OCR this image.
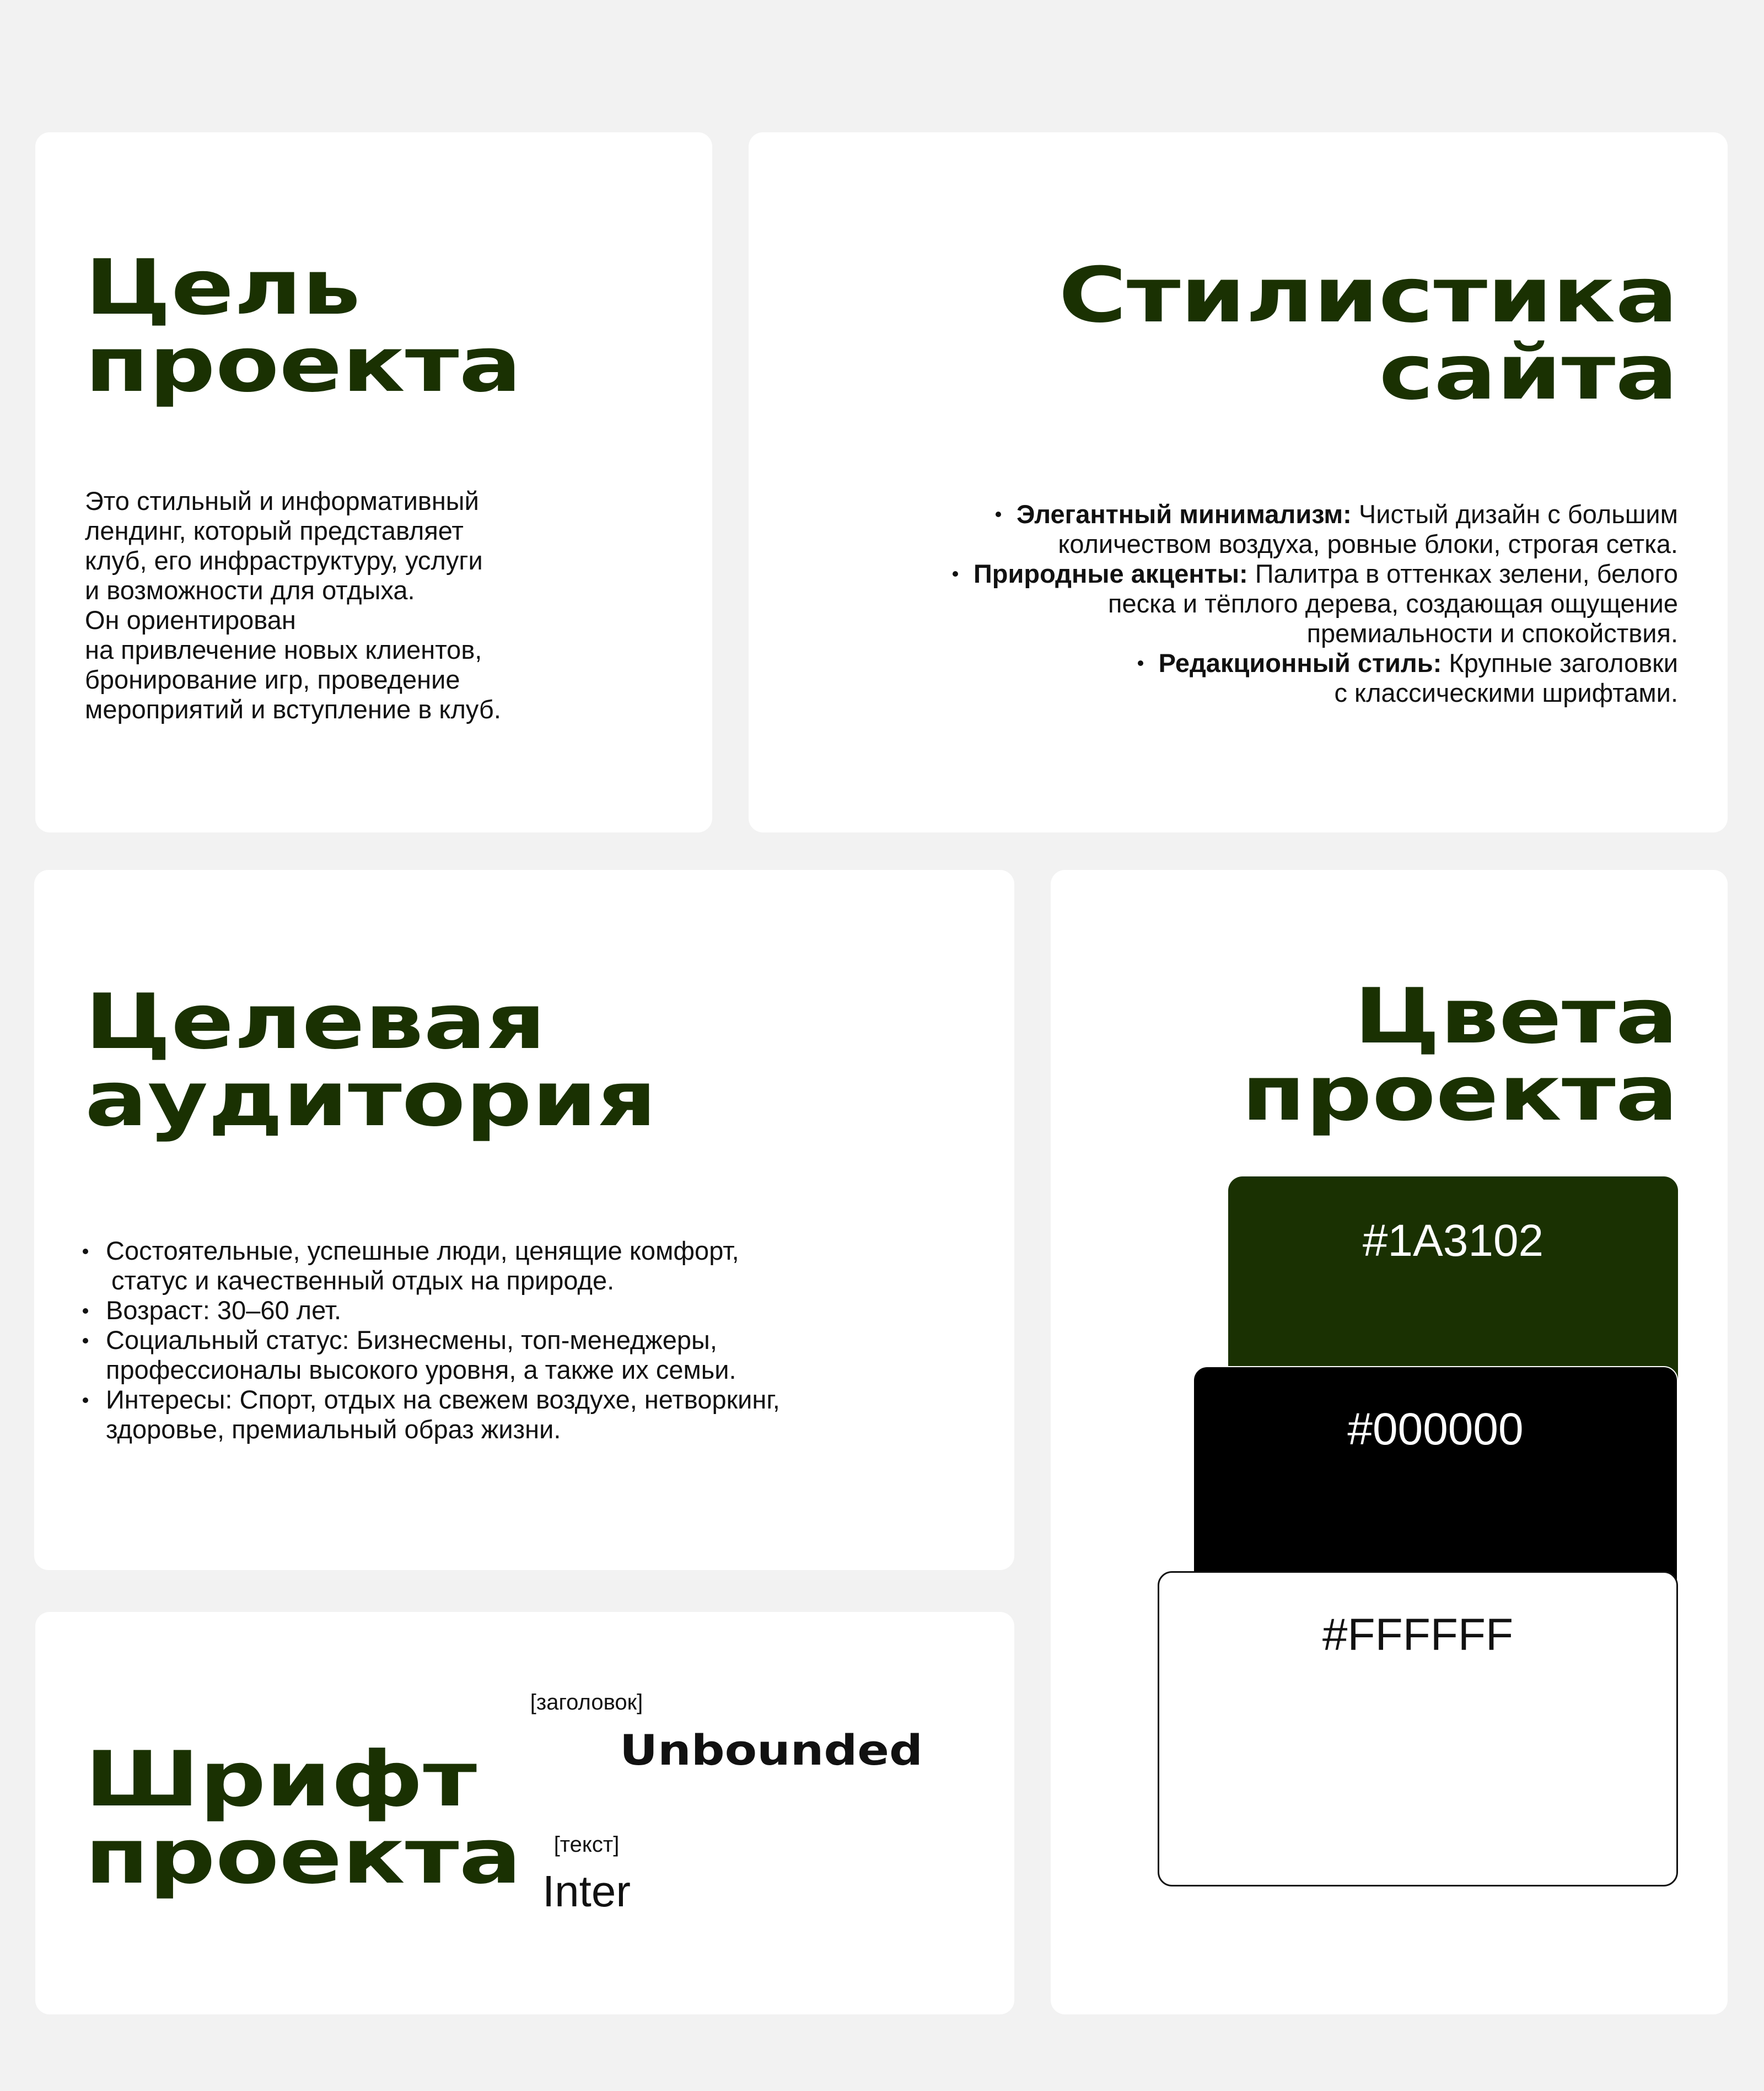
Цель
проекта

Это стильный и информативный
лендинг, который представляет
клуб, его инфраструктуру, услуги
и возможности для отдыха.
Он ориентирован
на привлечение новых клиентов,
бронирование игр, проведение
мероприятий и вступление в клуб.

Стилистика
сайта
Элегантный минимализм: Чистый дизайн с большим
количеством воздуха, ровные блоки, строгая сетка.
Природные акценты: Палитра в оттенках зелени, белого
песка и тёплого дерева, создающая ощущение
премиальности и спокойствия.
Редакционный стиль: Крупные заголовки
с классическими шрифтами.
Целевая
аудитория
Состоятельные, успешные люди, ценящие комфорт,
статус и качественный отдых на природе.
Возраст: 30–60 лет.
Социальный статус: Бизнесмены, топ-менеджеры,
профессионалы высокого уровня, а также их семьи.
Интересы: Спорт, отдых на свежем воздухе, нетворкинг,
здоровье, премиальный образ жизни.
Шрифт
проекта
[заголовок]
Unbounded
[текст]
Inter
Цвета
проекта
#1A3102
#000000
#FFFFFF
